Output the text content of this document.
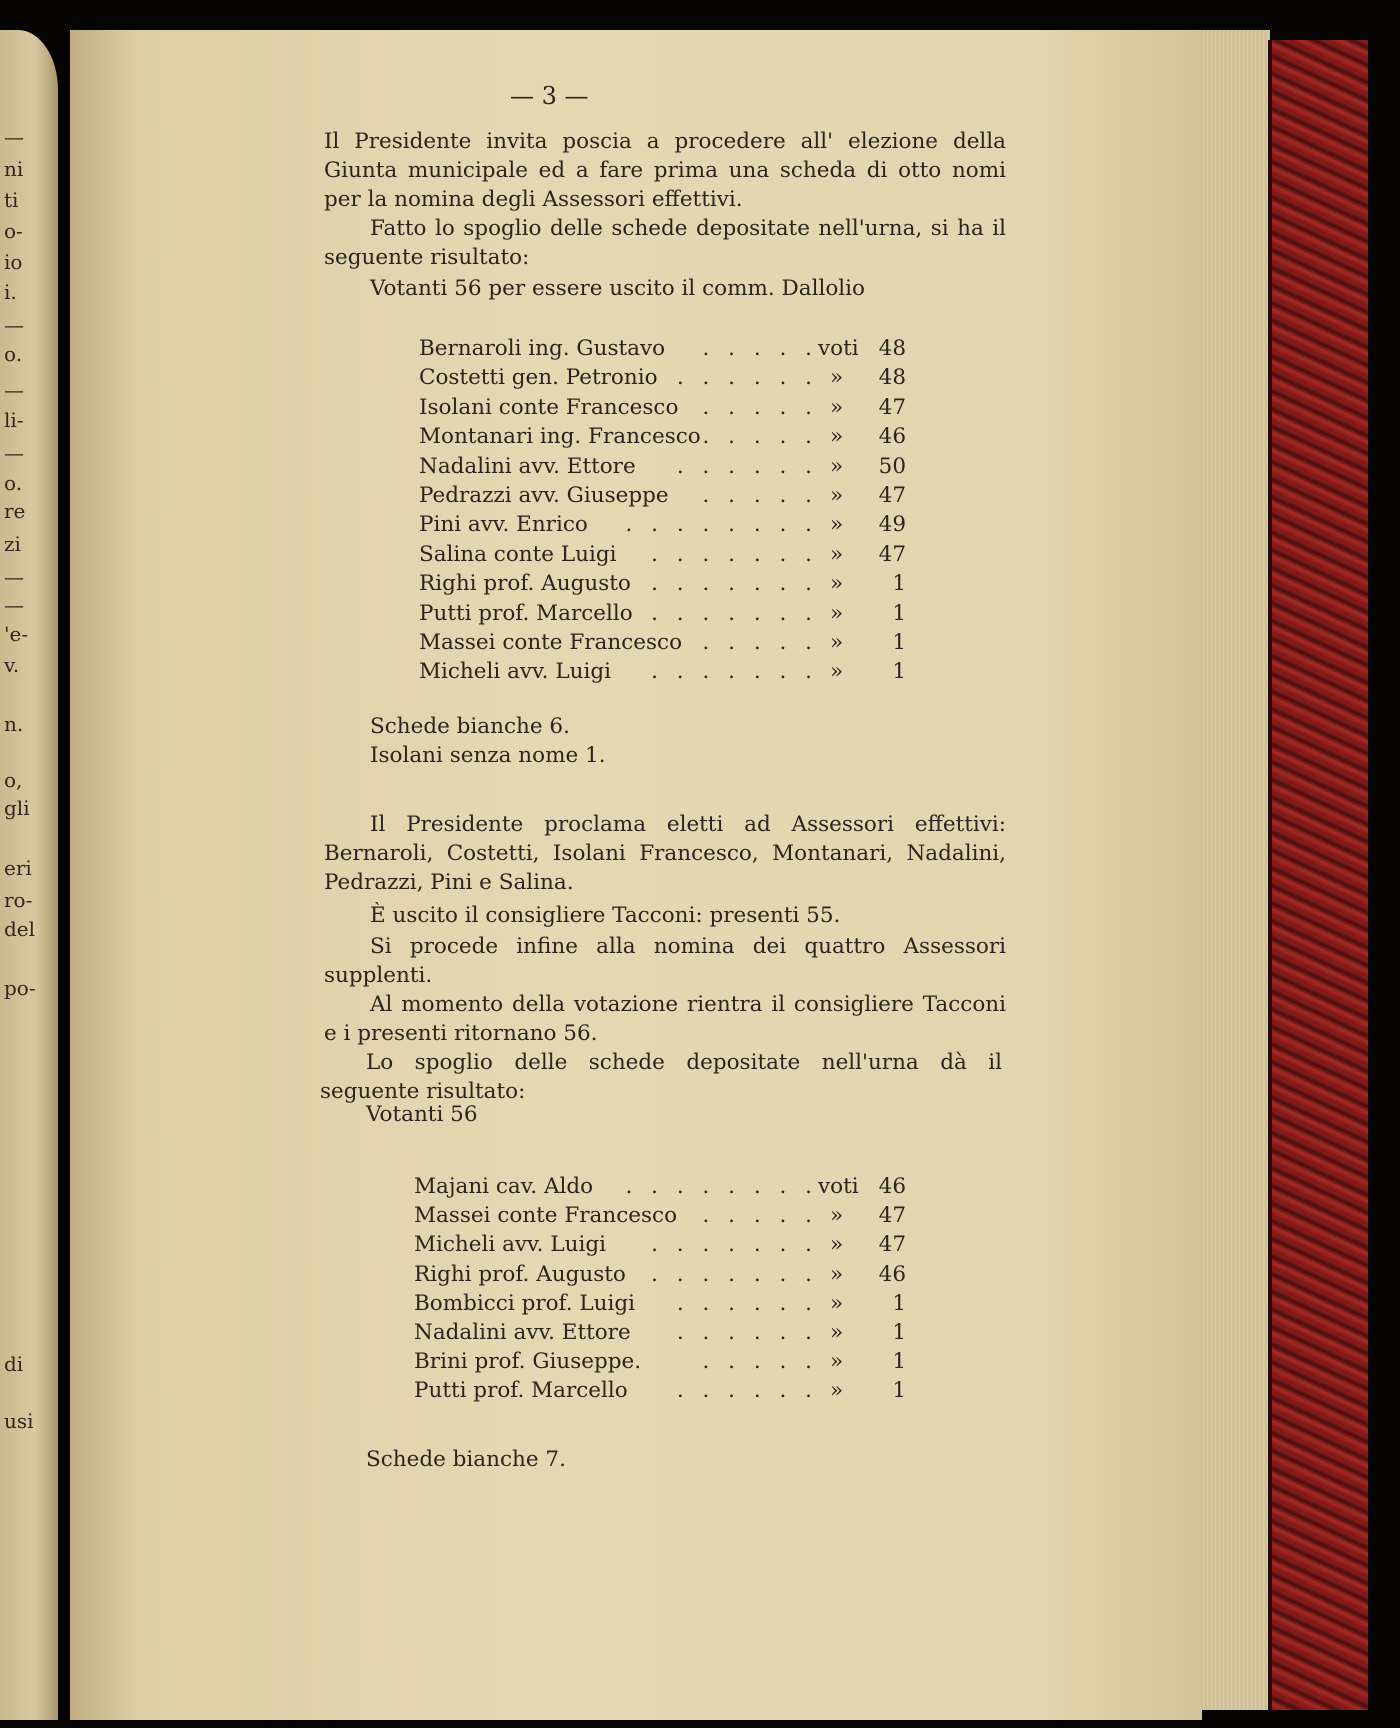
— 3 —
Il Presidente invita poscia a procedere all' elezione della Giunta municipale ed a fare prima una scheda di otto nomi per la nomina degli Assessori effettivi.
Fatto lo spoglio delle schede depositate nell'urna, si ha il seguente risultato:
Votanti 56 per essere uscito il comm. Dallolio
Bernaroli ing. Gustavo . . . . . voti 48
Costetti gen. Petronio . . . . . . » 48
Isolani conte Francesco . . . . . » 47
Montanari ing. Francesco . . . . . » 46
Nadalini avv. Ettore . . . . . . » 50
Pedrazzi avv. Giuseppe . . . . . » 47
Pini avv. Enrico . . . . . . . . » 49
Salina conte Luigi . . . . . . . » 47
Righi prof. Augusto . . . . . . . »	1
Putti prof. Marcello . . . . . . . »	1
Massei conte Francesco . . . . . »	1
Micheli avv. Luigi . . . . . . . »	1
Schede bianche 6.
Isolani senza nome 1.
Il Presidente proclama eletti ad Assessori effettivi: Bernaroli, Costetti, Isolani Francesco, Montanari, Nadalini, Pedrazzi, Pini e Salina.
È uscito il consigliere Tacconi: presenti 55.
Si procede infine alla nomina dei quattro Assessori supplenti.
Al momento della votazione rientra il consigliere Tacconi e i presenti ritornano 56.
Lo spoglio delle schede depositate nell'urna dà il seguente risultato:
Votanti 56
Majani cav. Aldo . . . . . . . . voti 46
Massei conte Francesco . . . . . » 47
Micheli avv. Luigi . . . . . . . » 47
Righi prof. Augusto . . . . . . . » 46
Bombicci prof. Luigi . . . . . . »	1
Nadalini avv. Ettore . . . . . . »	1
Brini prof. Giuseppe.	. . . . . »	1
Putti prof. Marcello . . . . . . »	1
Schede bianche 7.
—
ni
ti
o-
io
i.
—
o.
—
li-
—
o.
re
zi
—
—
'e-
v.
n.
o,
gli
eri
ro-
del
po-
di
usi
